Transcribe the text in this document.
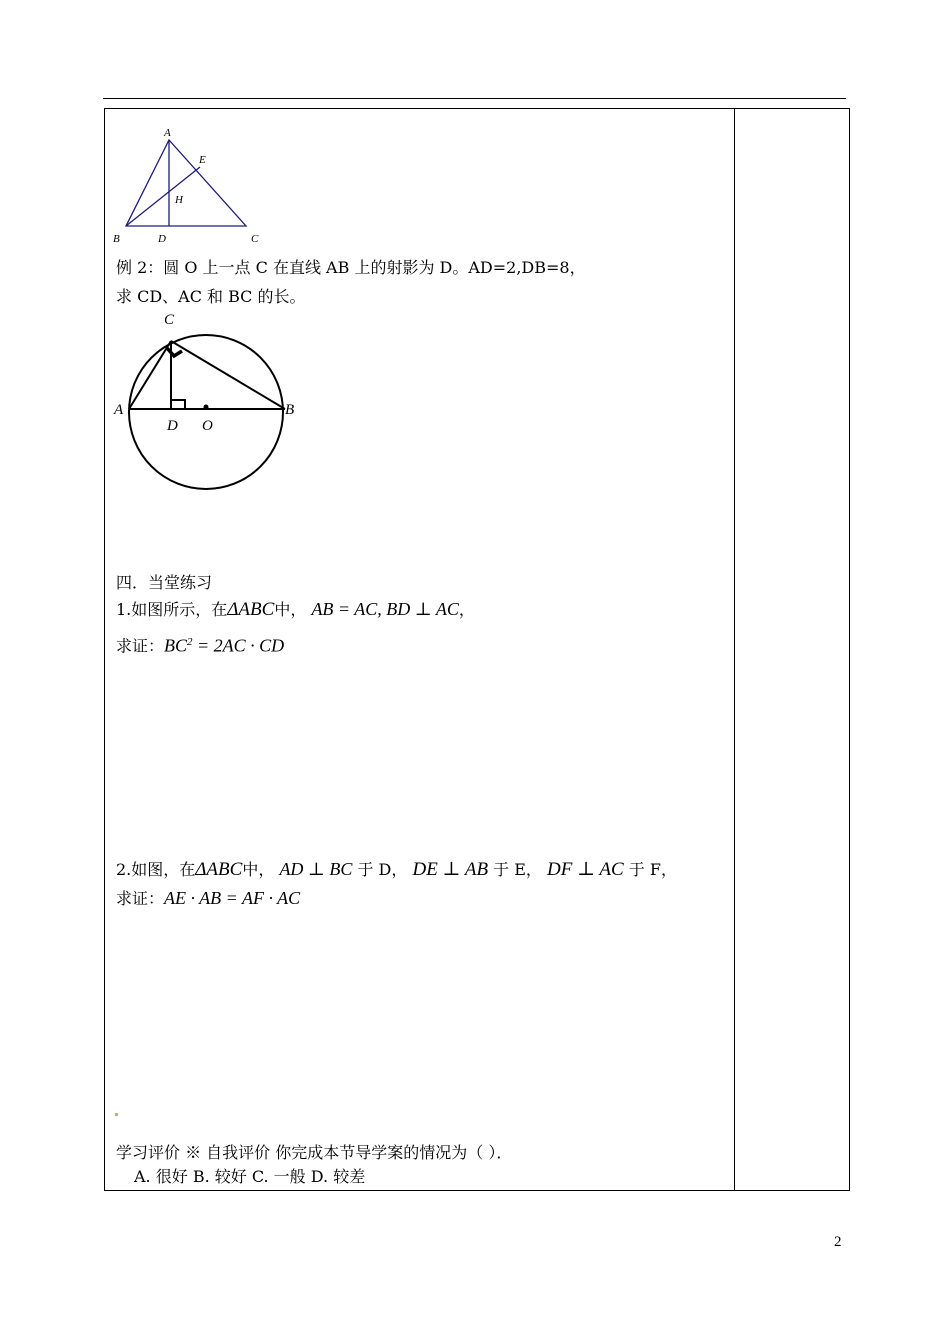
A
B	C
D
E
H
例 2：圆 O 上一点 C 在直线 AB 上的射影为 D。AD=2,DB=8，
求 CD、AC 和 BC 的长。
C
A	B
D O
四．当堂练习
1.如图所示，在ΔABC中， AB = AC, BD ⊥ AC，
求证：$BC^2 = 2AC$ · CD
2.如图，在ΔABC中， AD ⊥ BC 于 D， DE ⊥ AB 于 E， DF ⊥ AC 于 F，
求证：AE · AB = AF · AC
学习评价 ※ 自我评价 你完成本节导学案的情况为（ ）．
A. 很好 B. 较好 C. 一般 D. 较差
2
